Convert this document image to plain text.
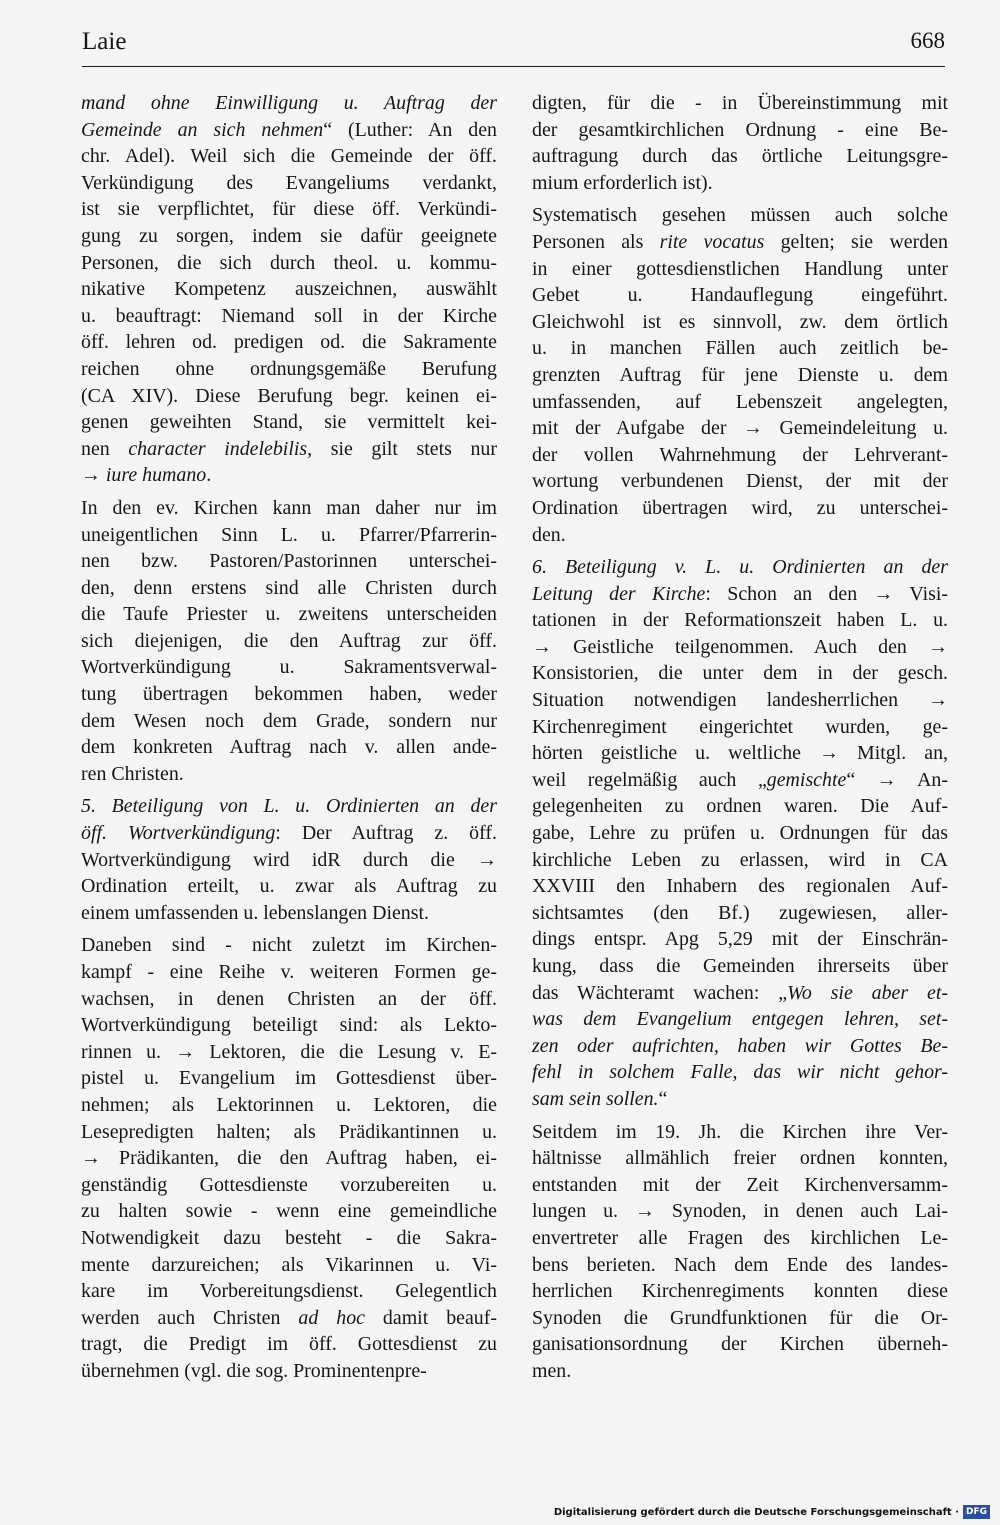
Laie	668

mand ohne Einwilligung u. Auftrag der
Gemeinde an sich nehmen“ (Luther: An den
chr. Adel). Weil sich die Gemeinde der öff.
Verkündigung des Evangeliums verdankt,
ist sie verpflichtet, für diese öff. Verkündi-
gung zu sorgen, indem sie dafür geeignete
Personen, die sich durch theol. u. kommu-
nikative Kompetenz auszeichnen, auswählt
u. beauftragt: Niemand soll in der Kirche
öff. lehren od. predigen od. die Sakramente
reichen ohne ordnungsgemäße Berufung
(CA XIV). Diese Berufung begr. keinen ei-
genen geweihten Stand, sie vermittelt kei-
nen character indelebilis, sie gilt stets nur
→ iure humano.

In den ev. Kirchen kann man daher nur im
uneigentlichen Sinn L. u. Pfarrer/Pfarrerin-
nen bzw. Pastoren/Pastorinnen unterschei-
den, denn erstens sind alle Christen durch
die Taufe Priester u. zweitens unterscheiden
sich diejenigen, die den Auftrag zur öff.
Wortverkündigung u. Sakramentsverwal-
tung übertragen bekommen haben, weder
dem Wesen noch dem Grade, sondern nur
dem konkreten Auftrag nach v. allen ande-
ren Christen.

5. Beteiligung von L. u. Ordinierten an der
öff. Wortverkündigung: Der Auftrag z. öff.
Wortverkündigung wird idR durch die →
Ordination erteilt, u. zwar als Auftrag zu
einem umfassenden u. lebenslangen Dienst.

Daneben sind - nicht zuletzt im Kirchen-
kampf - eine Reihe v. weiteren Formen ge-
wachsen, in denen Christen an der öff.
Wortverkündigung beteiligt sind: als Lekto-
rinnen u. → Lektoren, die die Lesung v. E-
pistel u. Evangelium im Gottesdienst über-
nehmen; als Lektorinnen u. Lektoren, die
Lesepredigten halten; als Prädikantinnen u.
→ Prädikanten, die den Auftrag haben, ei-
genständig Gottesdienste vorzubereiten u.
zu halten sowie - wenn eine gemeindliche
Notwendigkeit dazu besteht - die Sakra-
mente darzureichen; als Vikarinnen u. Vi-
kare im Vorbereitungsdienst. Gelegentlich
werden auch Christen ad hoc damit beauf-
tragt, die Predigt im öff. Gottesdienst zu
übernehmen (vgl. die sog. Prominentenpre-

digten, für die - in Übereinstimmung mit
der gesamtkirchlichen Ordnung - eine Be-
auftragung durch das örtliche Leitungsgre-
mium erforderlich ist).

Systematisch gesehen müssen auch solche
Personen als rite vocatus gelten; sie werden
in einer gottesdienstlichen Handlung unter
Gebet u. Handauflegung eingeführt.
Gleichwohl ist es sinnvoll, zw. dem örtlich
u. in manchen Fällen auch zeitlich be-
grenzten Auftrag für jene Dienste u. dem
umfassenden, auf Lebenszeit angelegten,
mit der Aufgabe der → Gemeindeleitung u.
der vollen Wahrnehmung der Lehrverant-
wortung verbundenen Dienst, der mit der
Ordination übertragen wird, zu unterschei-
den.

6. Beteiligung v. L. u. Ordinierten an der
Leitung der Kirche: Schon an den → Visi-
tationen in der Reformationszeit haben L. u.
→ Geistliche teilgenommen. Auch den →
Konsistorien, die unter dem in der gesch.
Situation notwendigen landesherrlichen →
Kirchenregiment eingerichtet wurden, ge-
hörten geistliche u. weltliche → Mitgl. an,
weil regelmäßig auch „gemischte“ → An-
gelegenheiten zu ordnen waren. Die Auf-
gabe, Lehre zu prüfen u. Ordnungen für das
kirchliche Leben zu erlassen, wird in CA
XXVIII den Inhabern des regionalen Auf-
sichtsamtes (den Bf.) zugewiesen, aller-
dings entspr. Apg 5,29 mit der Einschrän-
kung, dass die Gemeinden ihrerseits über
das Wächteramt wachen: „Wo sie aber et-
was dem Evangelium entgegen lehren, set-
zen oder aufrichten, haben wir Gottes Be-
fehl in solchem Falle, das wir nicht gehor-
sam sein sollen.“

Seitdem im 19. Jh. die Kirchen ihre Ver-
hältnisse allmählich freier ordnen konnten,
entstanden mit der Zeit Kirchenversamm-
lungen u. → Synoden, in denen auch Lai-
envertreter alle Fragen des kirchlichen Le-
bens berieten. Nach dem Ende des landes-
herrlichen Kirchenregiments konnten diese
Synoden die Grundfunktionen für die Or-
ganisationsordnung der Kirchen überneh-
men.

Digitalisierung gefördert durch die Deutsche Forschungsgemeinschaft · DFG
